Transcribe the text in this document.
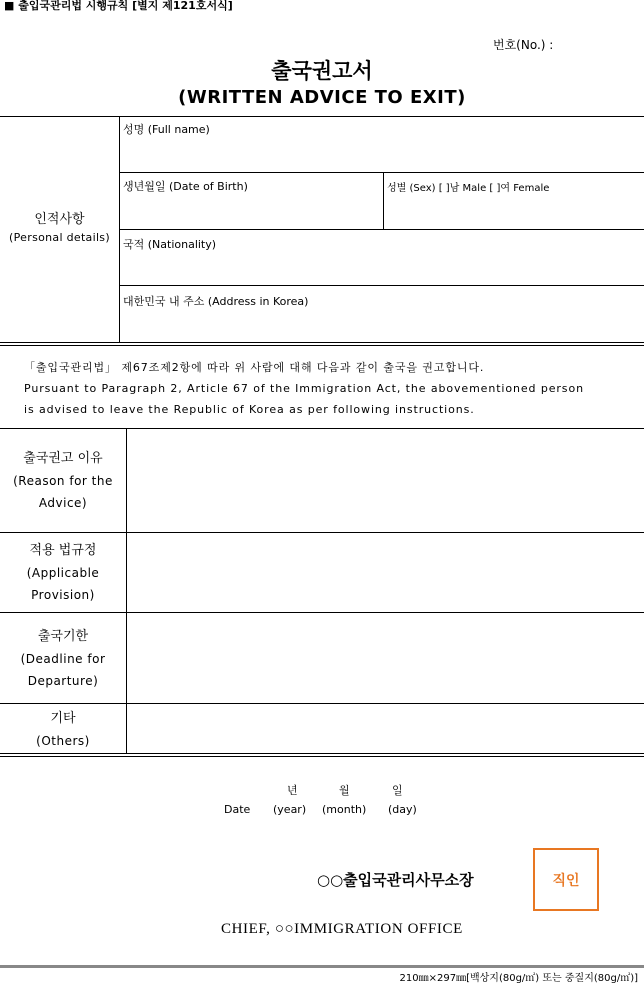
■ 출입국관리법 시행규칙 [별지 제121호서식]
번호(No.) :
출국권고서
(WRITTEN ADVICE TO EXIT)
인적사항
(Personal details)
성명 (Full name)
생년월일 (Date of Birth)	성별 (Sex) [ ]남 Male [ ]여 Female
국적 (Nationality)
대한민국 내 주소 (Address in Korea)
「출입국관리법」 제67조제2항에 따라 위 사람에 대해 다음과 같이 출국을 권고합니다.
Pursuant to Paragraph 2, Article 67 of the Immigration Act, the abovementioned person
is advised to leave the Republic of Korea as per following instructions.
출국권고 이유
(Reason for the
Advice)
적용 법규정
(Applicable
Provision)
출국기한
(Deadline for
Departure)
기타
(Others)
년	월	일
Date (year) (month) (day)
○○출입국관리사무소장	직인
CHIEF, ○○IMMIGRATION OFFICE
210㎜×297㎜[백상지(80g/㎡) 또는 중질지(80g/㎡)]
